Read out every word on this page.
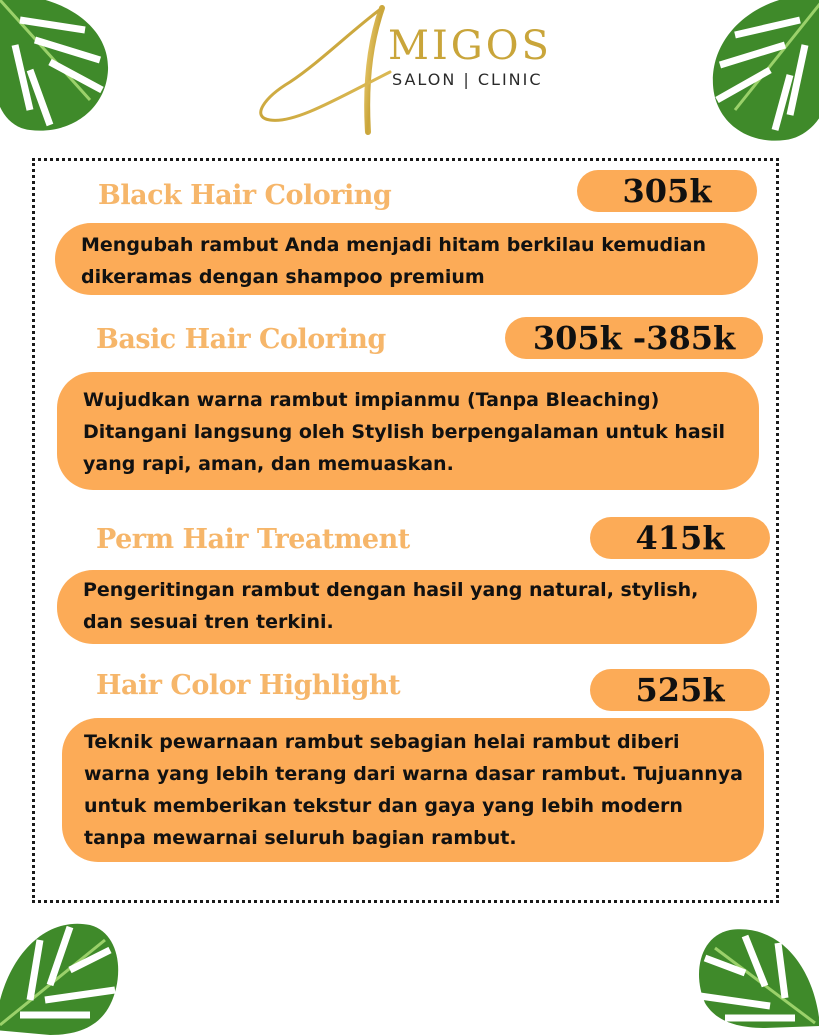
MIGOS
SALON | CLINIC
Black Hair Coloring	305k
Mengubah rambut Anda menjadi hitam berkilau kemudian dikeramas dengan shampoo premium
Basic Hair Coloring	305k -385k
Wujudkan warna rambut impianmu (Tanpa Bleaching) Ditangani langsung oleh Stylish berpengalaman untuk hasil yang rapi, aman, dan memuaskan.
Perm Hair Treatment	415k
Pengeritingan rambut dengan hasil yang natural, stylish, dan sesuai tren terkini.
Hair Color Highlight	525k
Teknik pewarnaan rambut sebagian helai rambut diberi warna yang lebih terang dari warna dasar rambut. Tujuannya untuk memberikan tekstur dan gaya yang lebih modern tanpa mewarnai seluruh bagian rambut.
